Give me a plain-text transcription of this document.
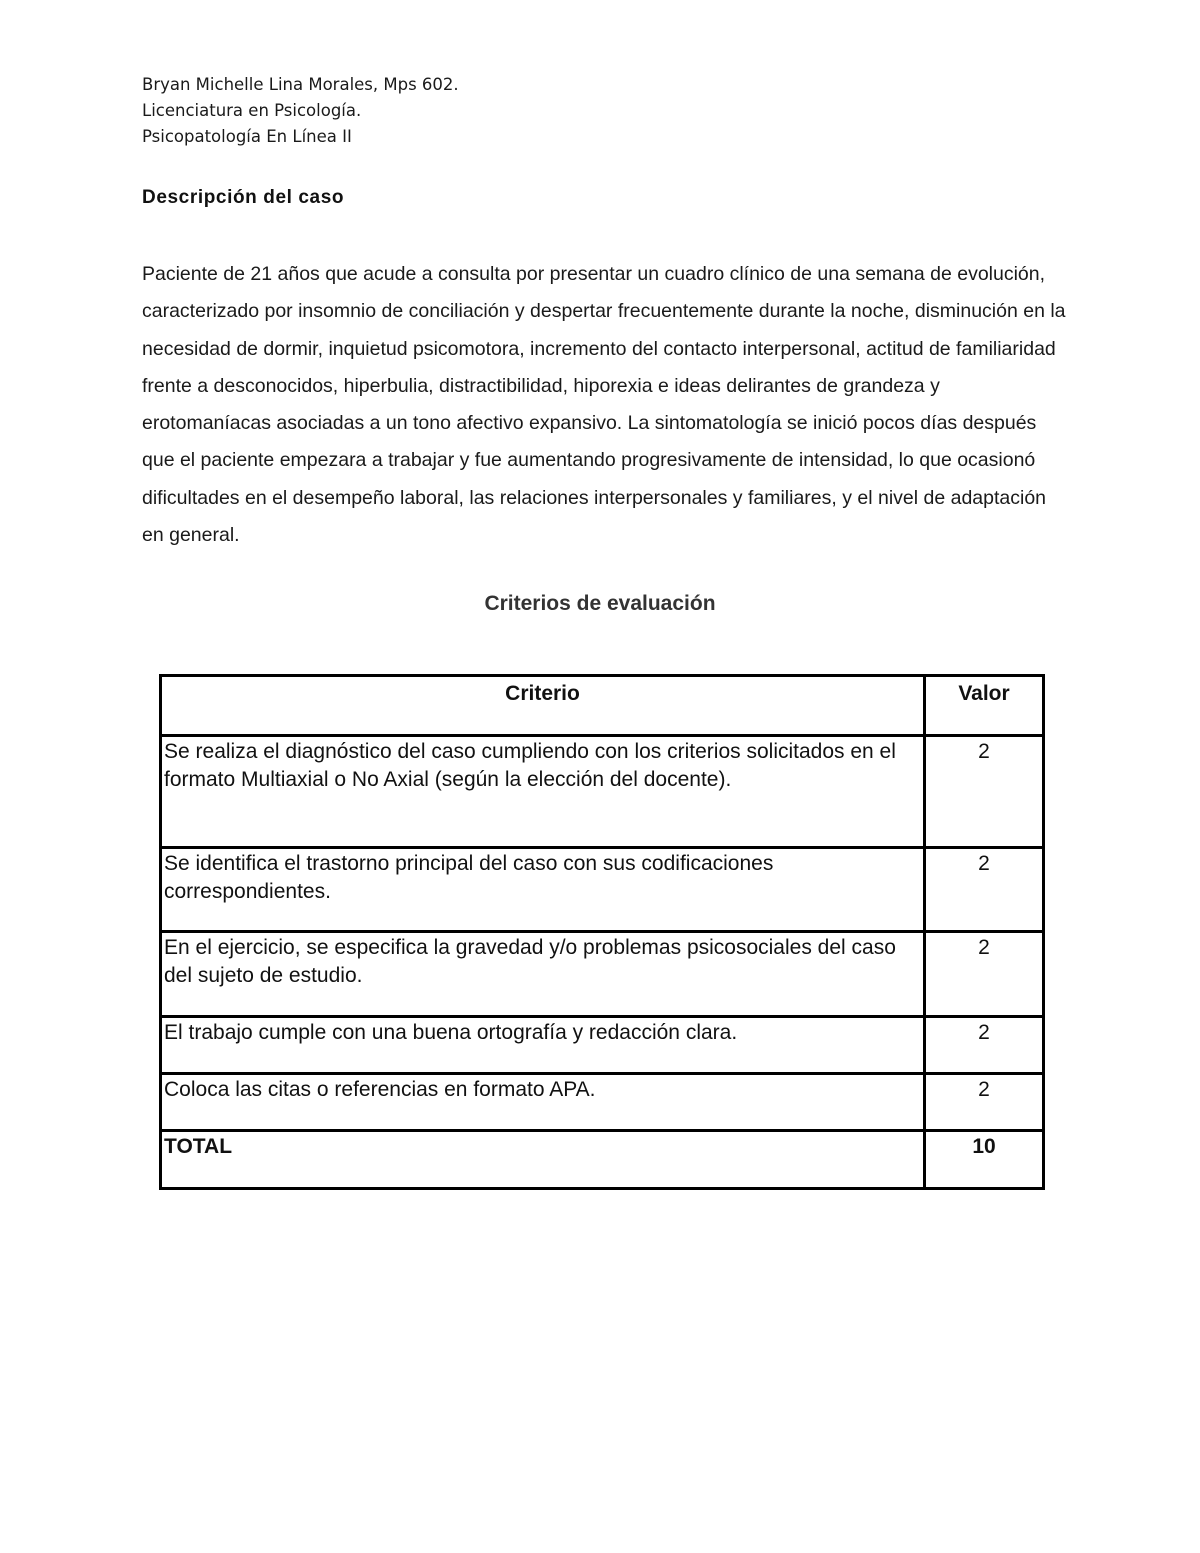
Bryan Michelle Lina Morales, Mps 602.
Licenciatura en Psicología.
Psicopatología En Línea II
Descripción del caso

Paciente de 21 años que acude a consulta por presentar un cuadro clínico de una semana de evolución, caracterizado por insomnio de conciliación y despertar frecuentemente durante la noche, disminución en la necesidad de dormir, inquietud psicomotora, incremento del contacto interpersonal, actitud de familiaridad frente a desconocidos, hiperbulia, distractibilidad, hiporexia e ideas delirantes de grandeza y erotomaníacas asociadas a un tono afectivo expansivo. La sintomatología se inició pocos días después que el paciente empezara a trabajar y fue aumentando progresivamente de intensidad, lo que ocasionó dificultades en el desempeño laboral, las relaciones interpersonales y familiares, y el nivel de adaptación en general.

Criterios de evaluación
Criterio	Valor
Se realiza el diagnóstico del caso cumpliendo con los criterios solicitados en el formato Multiaxial o No Axial (según la elección del docente).	2
Se identifica el trastorno principal del caso con sus codificaciones correspondientes.	2
En el ejercicio, se especifica la gravedad y/o problemas psicosociales del caso del sujeto de estudio.	2
El trabajo cumple con una buena ortografía y redacción clara.	2
Coloca las citas o referencias en formato APA.	2
TOTAL	10
